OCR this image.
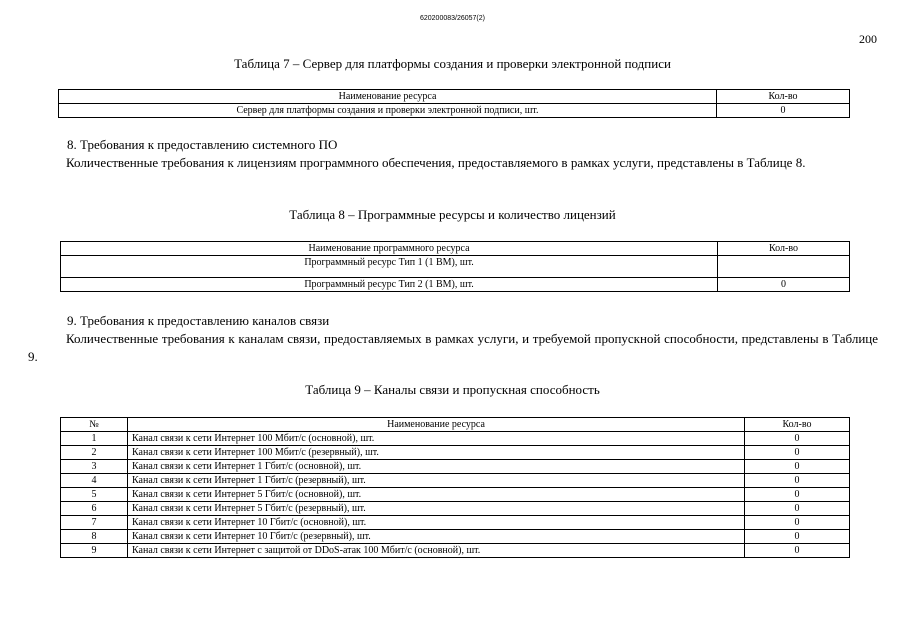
620200083/26057(2)
200
Таблица 7 – Сервер для платформы создания и проверки электронной подписи
Наименование ресурса	Кол-во
Сервер для платформы создания и проверки электронной подписи, шт.	0
8. Требования к предоставлению системного ПО
Количественные требования к лицензиям программного обеспечения, предоставляемого в рамках услуги, представлены в Таблице 8.
Таблица 8 – Программные ресурсы и количество лицензий
Наименование программного ресурса	Кол-во
Программный ресурс Тип 1 (1 ВМ), шт.	
Программный ресурс Тип 2 (1 ВМ), шт.	0
9. Требования к предоставлению каналов связи
Количественные требования к каналам связи, предоставляемых в рамках услуги, и требуемой пропускной способности, представлены в Таблице 9.
Таблица 9 – Каналы связи и пропускная способность
№	Наименование ресурса	Кол-во
1	Канал связи к сети Интернет 100 Мбит/с (основной), шт.	0
2	Канал связи к сети Интернет 100 Мбит/с (резервный), шт.	0
3	Канал связи к сети Интернет 1 Гбит/с (основной), шт.	0
4	Канал связи к сети Интернет 1 Гбит/с (резервный), шт.	0
5	Канал связи к сети Интернет 5 Гбит/с (основной), шт.	0
6	Канал связи к сети Интернет 5 Гбит/с (резервный), шт.	0
7	Канал связи к сети Интернет 10 Гбит/с (основной), шт.	0
8	Канал связи к сети Интернет 10 Гбит/с (резервный), шт.	0
9	Канал связи к сети Интернет с защитой от DDoS-атак 100 Мбит/с (основной), шт.	0
